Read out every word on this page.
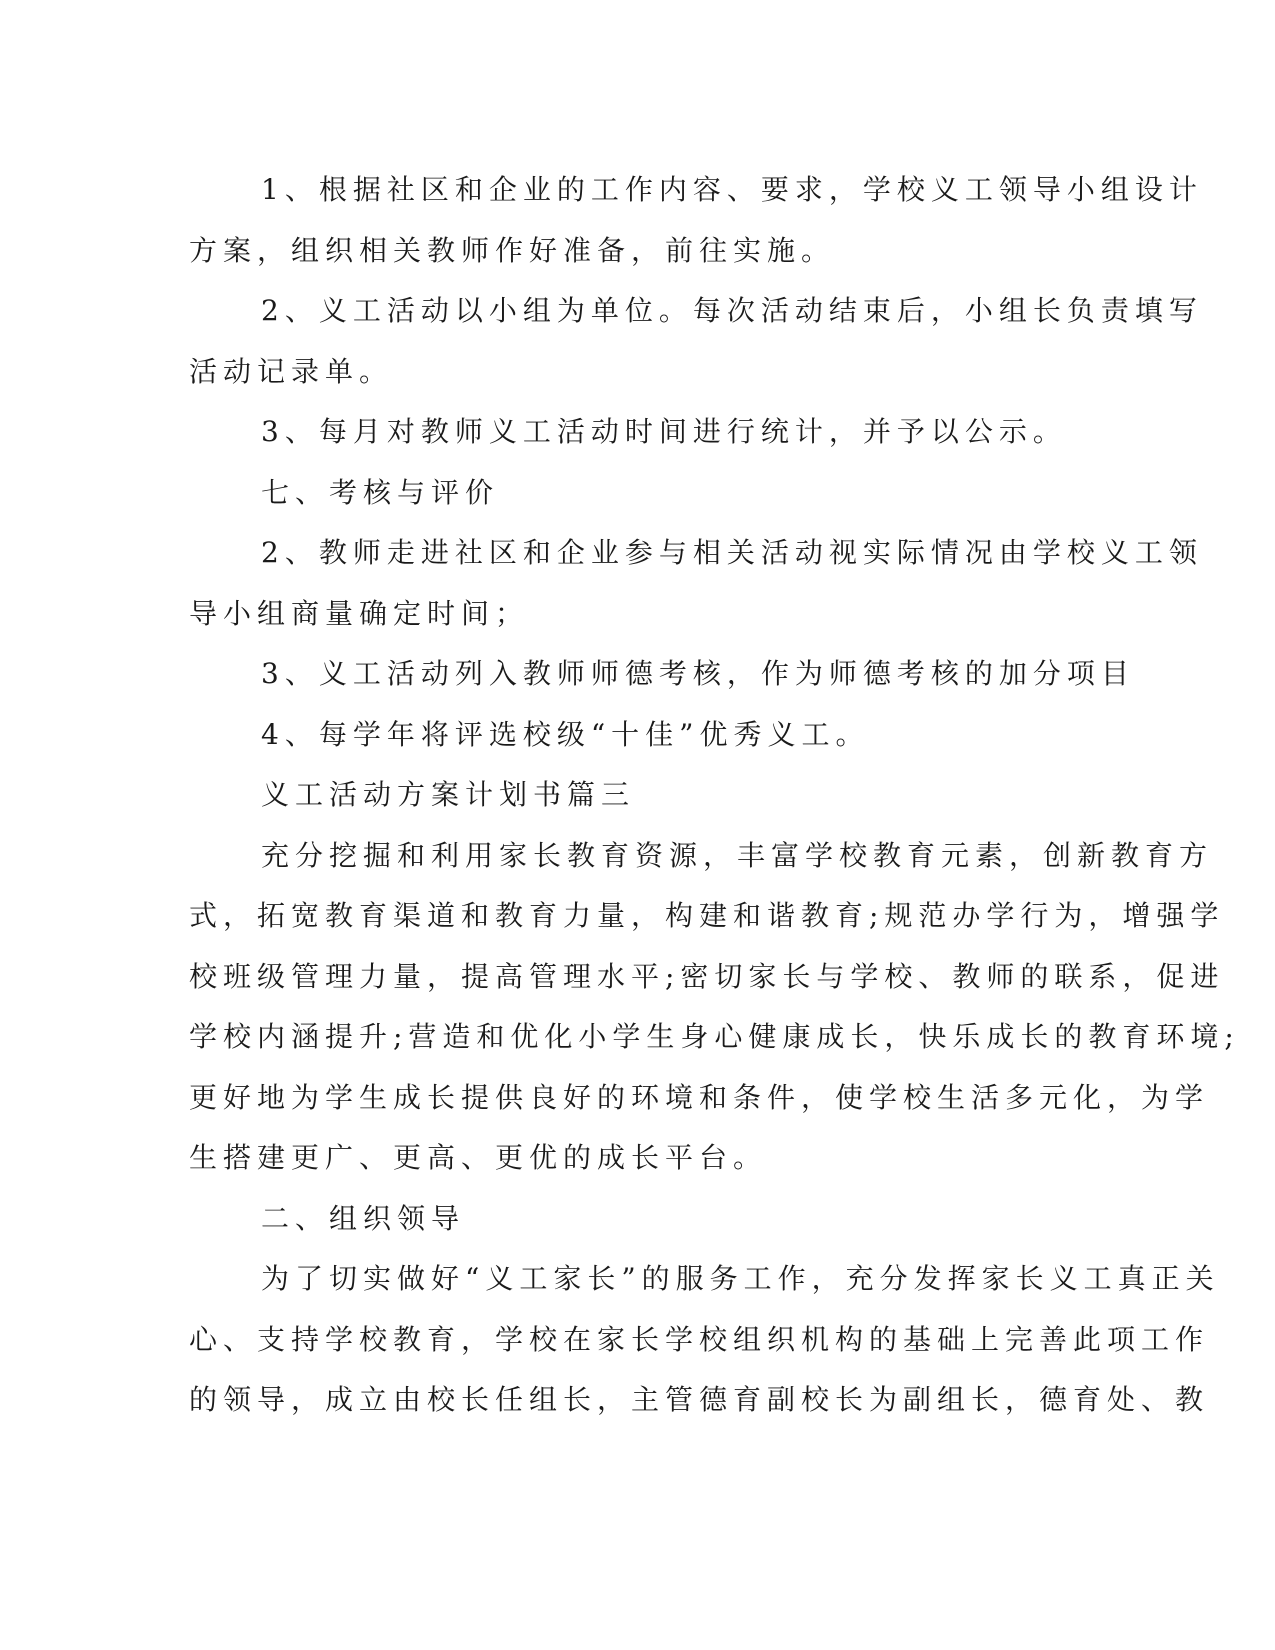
1、根据社区和企业的工作内容、要求，学校义工领导小组设计
方案，组织相关教师作好准备，前往实施。
2、义工活动以小组为单位。每次活动结束后，小组长负责填写
活动记录单。
3、每月对教师义工活动时间进行统计，并予以公示。
七、考核与评价
2、教师走进社区和企业参与相关活动视实际情况由学校义工领
导小组商量确定时间；
3、义工活动列入教师师德考核，作为师德考核的加分项目
4、每学年将评选校级“十佳”优秀义工。
义工活动方案计划书篇三
充分挖掘和利用家长教育资源，丰富学校教育元素，创新教育方
式，拓宽教育渠道和教育力量，构建和谐教育;规范办学行为，增强学
校班级管理力量，提高管理水平;密切家长与学校、教师的联系，促进
学校内涵提升;营造和优化小学生身心健康成长，快乐成长的教育环境;
更好地为学生成长提供良好的环境和条件，使学校生活多元化，为学
生搭建更广、更高、更优的成长平台。
二、组织领导
为了切实做好“义工家长”的服务工作，充分发挥家长义工真正关
心、支持学校教育，学校在家长学校组织机构的基础上完善此项工作
的领导，成立由校长任组长，主管德育副校长为副组长，德育处、教
